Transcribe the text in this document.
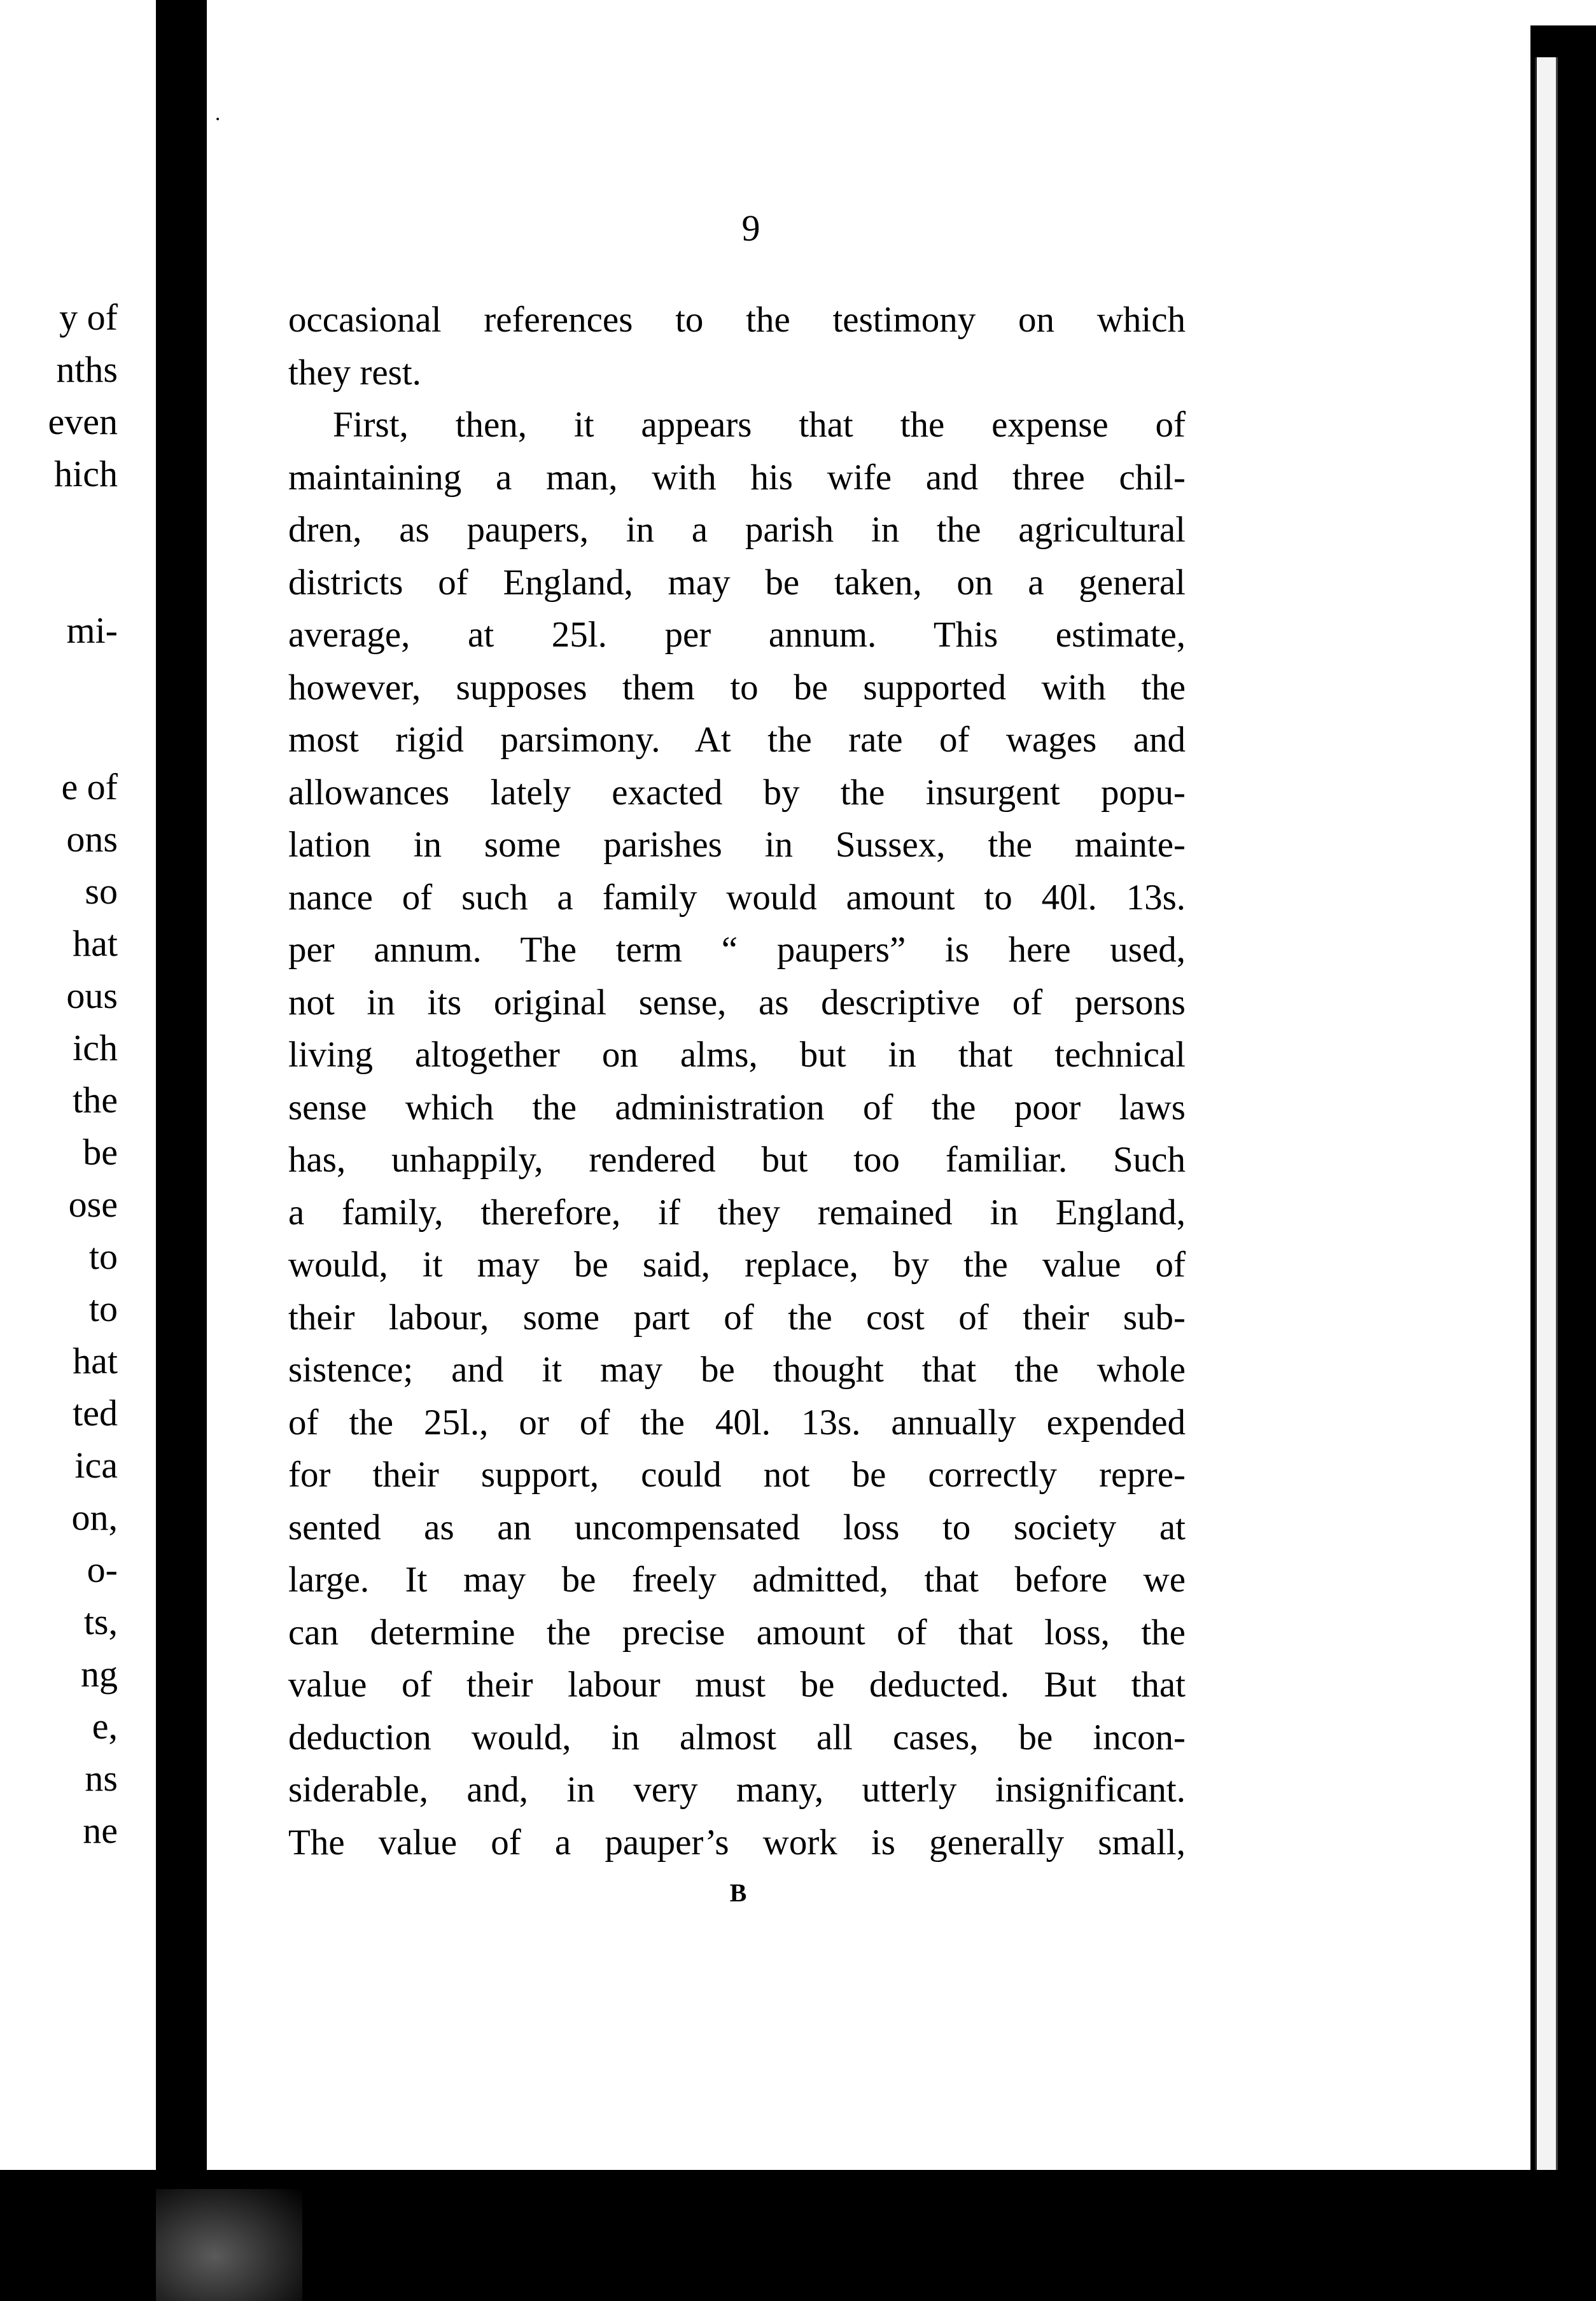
y of
nths
even
hich
mi-
e of
ons
so
hat
ous
ich
the
be
ose
to
to
hat
ted
ica
on,
o-
ts,
ng
e,
ns
ne
.
9
occasional references to the testimony on which
they rest.
First, then, it appears that the expense of
maintaining a man, with his wife and three chil-
dren, as paupers, in a parish in the agricultural
districts of England, may be taken, on a general
average, at 25l. per annum. This estimate,
however, supposes them to be supported with the
most rigid parsimony. At the rate of wages and
allowances lately exacted by the insurgent popu-
lation in some parishes in Sussex, the mainte-
nance of such a family would amount to 40l. 13s.
per annum. The term “ paupers” is here used,
not in its original sense, as descriptive of persons
living altogether on alms, but in that technical
sense which the administration of the poor laws
has, unhappily, rendered but too familiar. Such
a family, therefore, if they remained in England,
would, it may be said, replace, by the value of
their labour, some part of the cost of their sub-
sistence; and it may be thought that the whole
of the 25l., or of the 40l. 13s. annually expended
for their support, could not be correctly repre-
sented as an uncompensated loss to society at
large. It may be freely admitted, that before we
can determine the precise amount of that loss, the
value of their labour must be deducted. But that
deduction would, in almost all cases, be incon-
siderable, and, in very many, utterly insignificant.
The value of a pauper’s work is generally small,
B
